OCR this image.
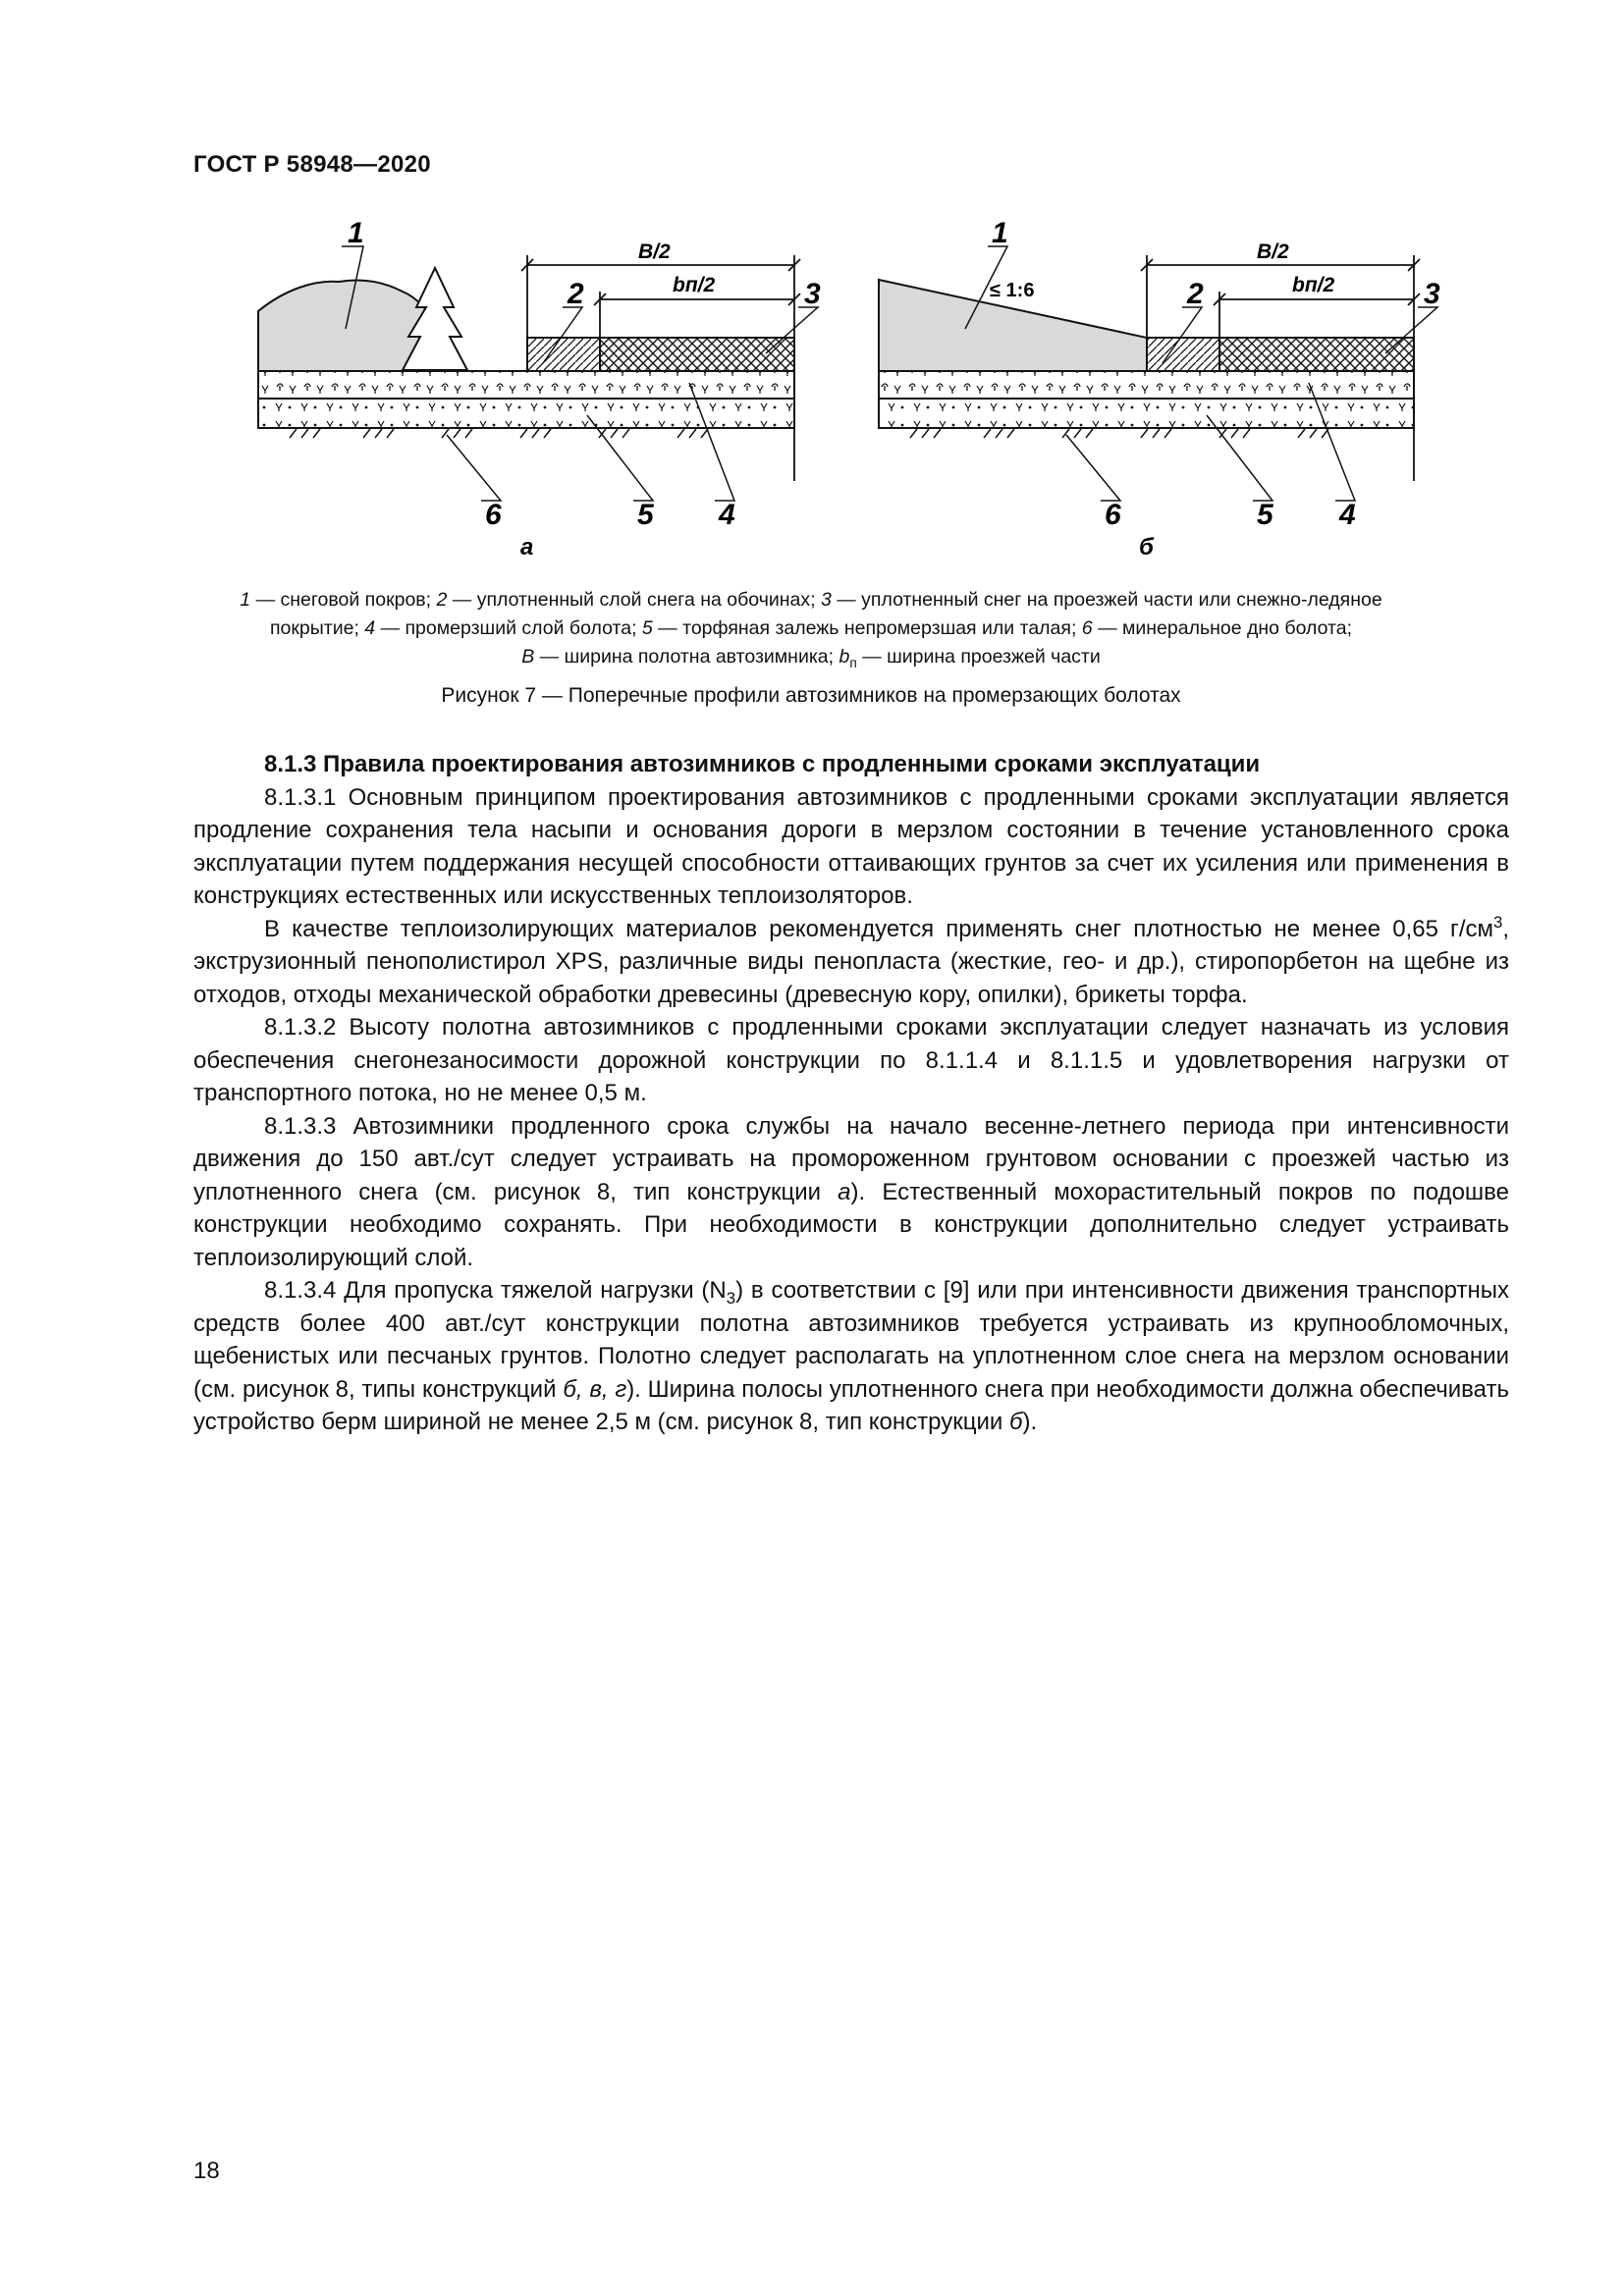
ГОСТ Р 58948—2020
B/2
bп/2
1
2	3
4
5
6
а
B/2
bп/2
≤ 1:6
1
2	3
4
5
6
б
1 — снеговой покров; 2 — уплотненный слой снега на обочинах; 3 — уплотненный снег на проезжей части или снежно-ледяное покрытие; 4 — промерзший слой болота; 5 — торфяная залежь непромерзшая или талая; 6 — минеральное дно болота;
B — ширина полотна автозимника; $b_п$ — ширина проезжей части
Рисунок 7 — Поперечные профили автозимников на промерзающих болотах
8.1.3 Правила проектирования автозимников с продленными сроками эксплуатации

8.1.3.1 Основным принципом проектирования автозимников с продленными сроками эксплуатации является продление сохранения тела насыпи и основания дороги в мерзлом состоянии в течение установленного срока эксплуатации путем поддержания несущей способности оттаивающих грунтов за счет их усиления или применения в конструкциях естественных или искусственных теплоизоляторов.

В качестве теплоизолирующих материалов рекомендуется применять снег плотностью не менее 0,65 $г/см^3$, экструзионный пенополистирол XPS, различные виды пенопласта (жесткие, гео- и др.), стиропорбетон на щебне из отходов, отходы механической обработки древесины (древесную кору, опилки), брикеты торфа.

8.1.3.2 Высоту полотна автозимников с продленными сроками эксплуатации следует назначать из условия обеспечения снегонезаносимости дорожной конструкции по 8.1.1.4 и 8.1.1.5 и удовлетворения нагрузки от транспортного потока, но не менее 0,5 м.

8.1.3.3 Автозимники продленного срока службы на начало весенне-летнего периода при интенсивности движения до 150 авт./сут следует устраивать на промороженном грунтовом основании с проезжей частью из уплотненного снега (см. рисунок 8, тип конструкции а). Естественный мохорастительный покров по подошве конструкции необходимо сохранять. При необходимости в конструкции дополнительно следует устраивать теплоизолирующий слой.

8.1.3.4 Для пропуска тяжелой нагрузки $(N_3)$ в соответствии с [9] или при интенсивности движения транспортных средств более 400 авт./сут конструкции полотна автозимников требуется устраивать из крупнообломочных, щебенистых или песчаных грунтов. Полотно следует располагать на уплотненном слое снега на мерзлом основании (см. рисунок 8, типы конструкций б, в, г). Ширина полосы уплотненного снега при необходимости должна обеспечивать устройство берм шириной не менее 2,5 м (см. рисунок 8, тип конструкции б).

18
